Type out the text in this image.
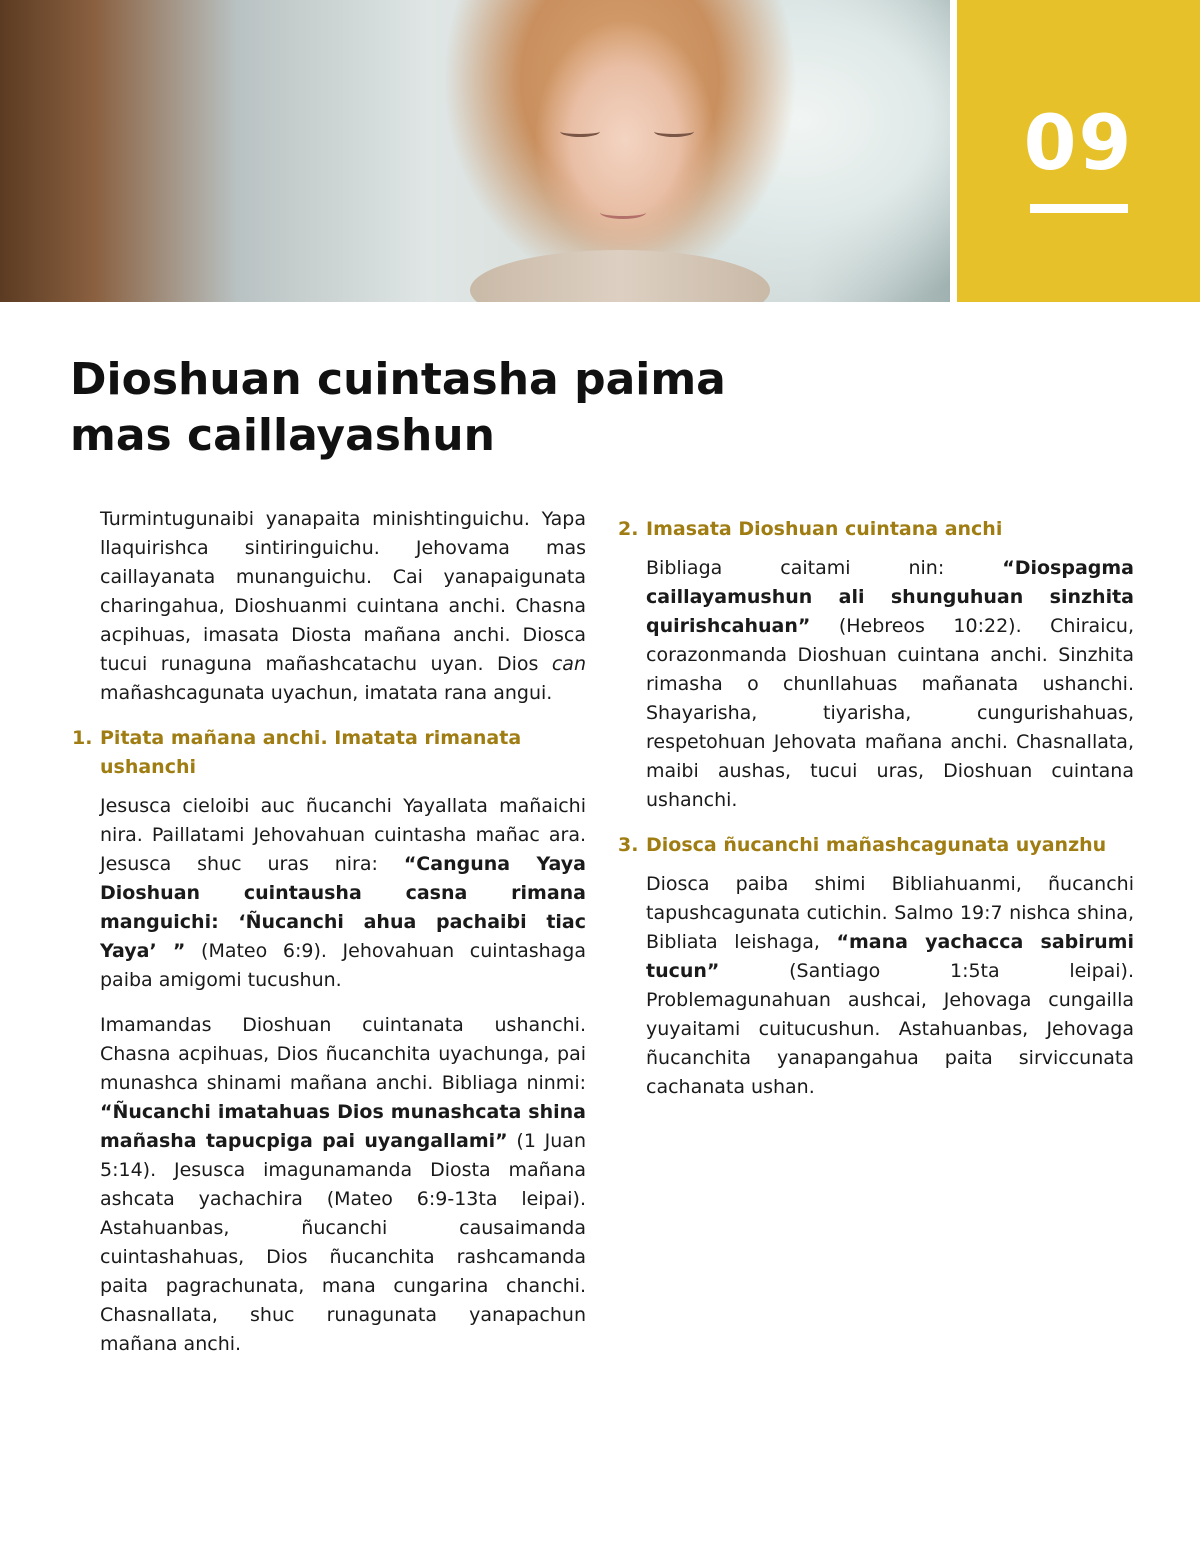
09
Dioshuan cuintasha paima
mas caillayashun

Turmintugunaibi yanapaita minishtinguichu. Yapa llaquirishca sintiringuichu. Jehovama mas caillayanata munanguichu. Cai yanapaigunata charingahua, Dioshuanmi cuintana anchi. Chasna acpihuas, imasata Diosta mañana anchi. Diosca tucui runaguna mañashcatachu uyan. Dios can mañashcagunata uyachun, imatata rana angui.

1. Pitata mañana anchi. Imatata rimanata ushanchi

Jesusca cieloibi auc ñucanchi Yayallata mañaichi nira. Paillatami Jehovahuan cuintasha mañac ara. Jesusca shuc uras nira: “Canguna Yaya Dioshuan cuintausha casna rimana manguichi: ‘Ñucanchi ahua pachaibi tiac Yaya’ ” (Mateo 6:9). Jehovahuan cuintashaga paiba amigomi tucushun.

Imamandas Dioshuan cuintanata ushanchi. Chasna acpihuas, Dios ñucanchita uyachunga, pai munashca shinami mañana anchi. Bibliaga ninmi: “Ñucanchi imatahuas Dios munashcata shina mañasha tapucpiga pai uyangallami” (1 Juan 5:14). Jesusca imagunamanda Diosta mañana ashcata yachachira (Mateo 6:9-13ta leipai). Astahuanbas, ñucanchi causaimanda cuintashahuas, Dios ñucanchita rashcamanda paita pagrachunata, mana cungarina chanchi. Chasnallata, shuc runagunata yanapachun mañana anchi.

2. Imasata Dioshuan cuintana anchi

Bibliaga caitami nin: “Diospagma caillayamushun ali shunguhuan sinzhita quirishcahuan” (Hebreos 10:22). Chiraicu, corazonmanda Dioshuan cuintana anchi. Sinzhita rimasha o chunllahuas mañanata ushanchi. Shayarisha, tiyarisha, cungurishahuas, respetohuan Jehovata mañana anchi. Chasnallata, maibi aushas, tucui uras, Dioshuan cuintana ushanchi.

3. Diosca ñucanchi mañashcagunata uyanzhu

Diosca paiba shimi Bibliahuanmi, ñucanchi tapushcagunata cutichin. Salmo 19:7 nishca shina, Bibliata leishaga, “mana yachacca sabirumi tucun” (Santiago 1:5ta leipai). Problemagunahuan aushcai, Jehovaga cungailla yuyaitami cuitucushun. Astahuanbas, Jehovaga ñucanchita yanapangahua paita sirviccunata cachanata ushan.
